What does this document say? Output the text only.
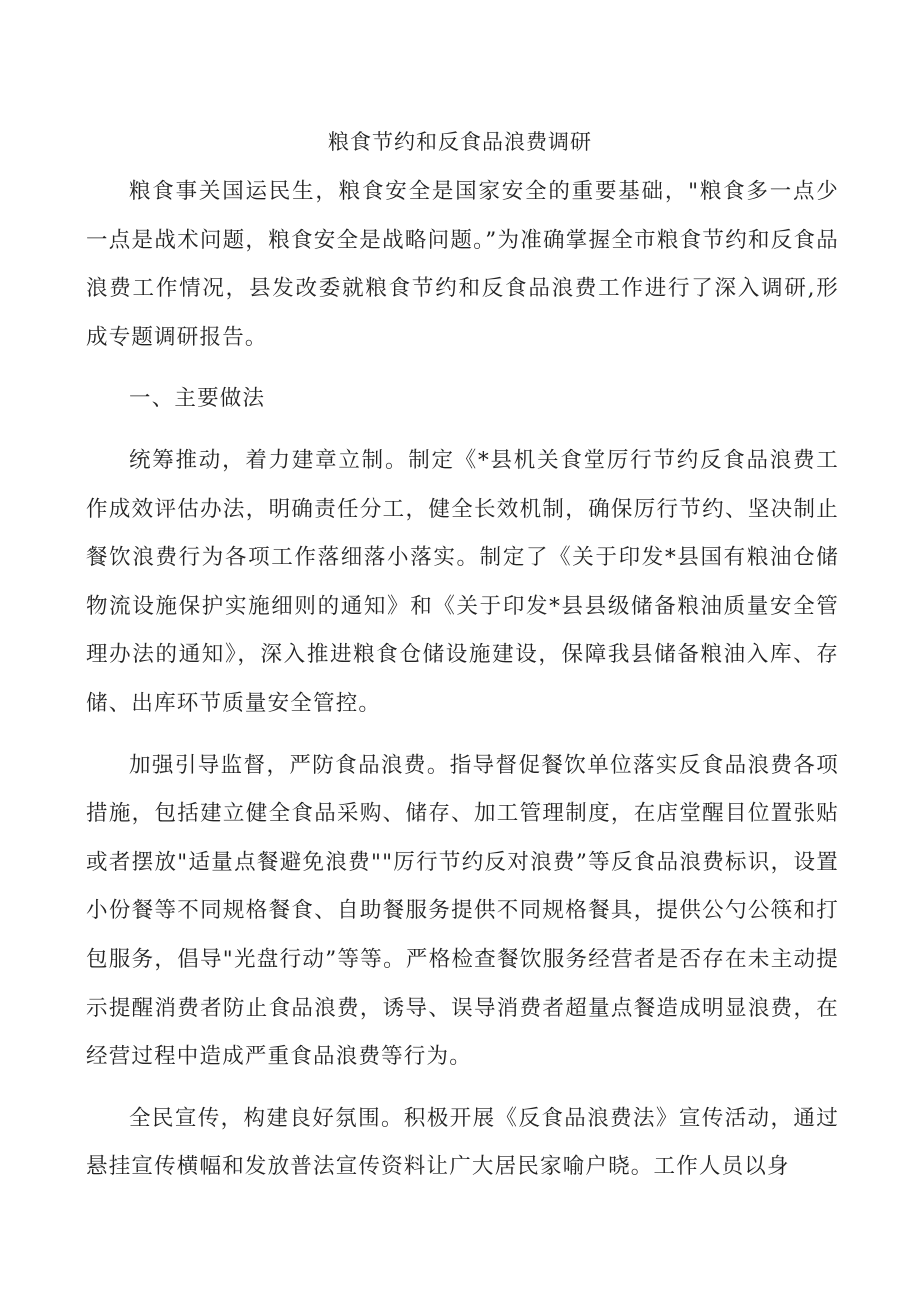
粮食节约和反食品浪费调研

粮食事关国运民生，粮食安全是国家安全的重要基础，"粮食多一点少一点是战术问题，粮食安全是战略问题。”为准确掌握全市粮食节约和反食品浪费工作情况，县发改委就粮食节约和反食品浪费工作进行了深入调研,形成专题调研报告。

一、主要做法

统筹推动，着力建章立制。制定《*县机关食堂厉行节约反食品浪费工作成效评估办法，明确责任分工，健全长效机制，确保厉行节约、坚决制止餐饮浪费行为各项工作落细落小落实。制定了《关于印发*县国有粮油仓储物流设施保护实施细则的通知》和《关于印发*县县级储备粮油质量安全管理办法的通知》，深入推进粮食仓储设施建设，保障我县储备粮油入库、存储、出库环节质量安全管控。

加强引导监督，严防食品浪费。指导督促餐饮单位落实反食品浪费各项措施，包括建立健全食品采购、储存、加工管理制度，在店堂醒目位置张贴或者摆放"适量点餐避免浪费""厉行节约反对浪费”等反食品浪费标识，设置小份餐等不同规格餐食、自助餐服务提供不同规格餐具，提供公勺公筷和打包服务，倡导"光盘行动”等等。严格检查餐饮服务经营者是否存在未主动提示提醒消费者防止食品浪费，诱导、误导消费者超量点餐造成明显浪费，在经营过程中造成严重食品浪费等行为。

全民宣传，构建良好氛围。积极开展《反食品浪费法》宣传活动，通过悬挂宣传横幅和发放普法宣传资料让广大居民家喻户晓。工作人员以身
